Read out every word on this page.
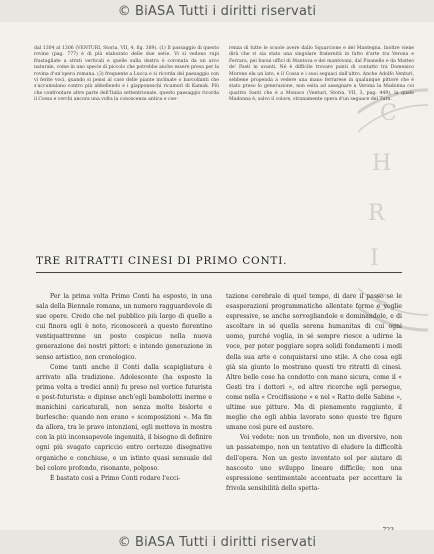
© BiASA Tutti i diritti riservati
dal 1304 al 1306 (VENTURI, Storia, VII, 4, fig. 389). (1) Il passaggio di questo rovine (pag. 777) è di più elaborato delle due serie. Vi si vedono rupi frastagliate a strati verticali e quelle sulla destra è coronata da un arco naturale, come in uno specie di piccolo che potrebbe anche essere presa per la rovina d'un'opera romana. (3) frequente a Lucca e si ricorda del paesaggio con vi ferite voci, quando si pensi al caso delle piante inclinate o barcollanti che s'accumulano contro più abbellendo e i giapponeschi ricamori di Kamak. Più che confrontare altre parte dell'Italia settentrionale, questo paesaggio ricorda il Cossa e cerchi ancora una volta la conoscenza antica e coe-
renza di tutte le scuole avere dallo Squarcione e del Mantegna. Inoltre viene dirà che vi sia stato una singolare fraternità in fatto d'arte tra Verona e Ferrara, pei buoni uffici di Mantova e dei mantovani, dal Pisanello e da Matteo de' Pasti in avanti. Né è difficile trovare punti di contatto tra Domenico Morone ela un lato, e il Cossa e i suoi seguaci dall'altro. Anche Adolfo Venturi, sebbene propenda a vedere una mano ferrarese in qualunque pittore che è stato preso lo generazione, non esita ad assegnare a Verona la Madonna coi quattro Santi che è a Monaco (Venturi, Storia, VII, 3, pag. 449), la quale Madonna è, salvo il colore, stranamente opera d'un seguace del Tura.
C
H
R
I
S
TRE RITRATTI CINESI DI PRIMO CONTI.

Per la prima volta Primo Conti ha esposto, in una sala della Biennale romana, un numero ragguardevole di sue opere. Credo che nel pubblico più largo di quello a cui finora egli è noto, riconoscerà a questo fiorentino ventiquattrenne un posto cospicuo nella nuova generazione dei nostri pittori: e intendo generazione in senso artistico, non cronologico.

Come tanti anche il Conti dalla scapigliatura è arrivato alla tradizione. Adolescente (ha esposto la prima volta a tredici anni) fu preso nel vortice futurista e post-futurista: e dipinse anch'egli bambolotti inerme e manichini caricaturali, non senza molte bislorte e burlesche: quando non erano « scomposizioni ». Ma fin da allora, tra le prave intenzioni, egli metteva in mostra con la più inconsapevole ingenuità, il bisogno di definire ogni più svagato capriccio entro certezze disegnative organiche e conchiuse, e un istinto quasi sensuale del bel colore profondo, risonante, polposo.

È bastato così a Primo Conti rodare l'ecci-

tazione cerebrale di quel tempo, di dare il passo se le esasperazioni programmatiche allentate forme e voglie espressive, se anche sorvegliandole e dominandole, e di ascoltare in sé quella serena humanitas di cui ogni uomo, purché voglia, in sé sempre riesce a udirne la voce, per poter poggiare sopra solidi fondamenti i modi della sua arte e conquistarsi uno stile. A che cosa egli già sia giunto lo mostrano questi tre ritratti di cinesi. Altre belle cose ha condotto con mano sicura, come il « Gesti tra i dottori », ed altre ricerche egli persegue, come nella « Crocifissione » e nel « Ratto delle Sabine », ultime sue pitture. Ma di pienamente raggiunto, il meglio che egli abbia lavorato sono queste tre figure umane così pure ed austere.

Voi vedete: non un tronfiolo, non un diversivo, non un passatempo, non un tentativo di eludere la difficoltà dell'opera. Non un gesto inventato sol per aiutare di nascosto uno sviluppo lineare difficile; non una espressione sentimentale accentuata per accettare la frivola sensibilità dello spetta-

© BiASA Tutti i diritti riservati
